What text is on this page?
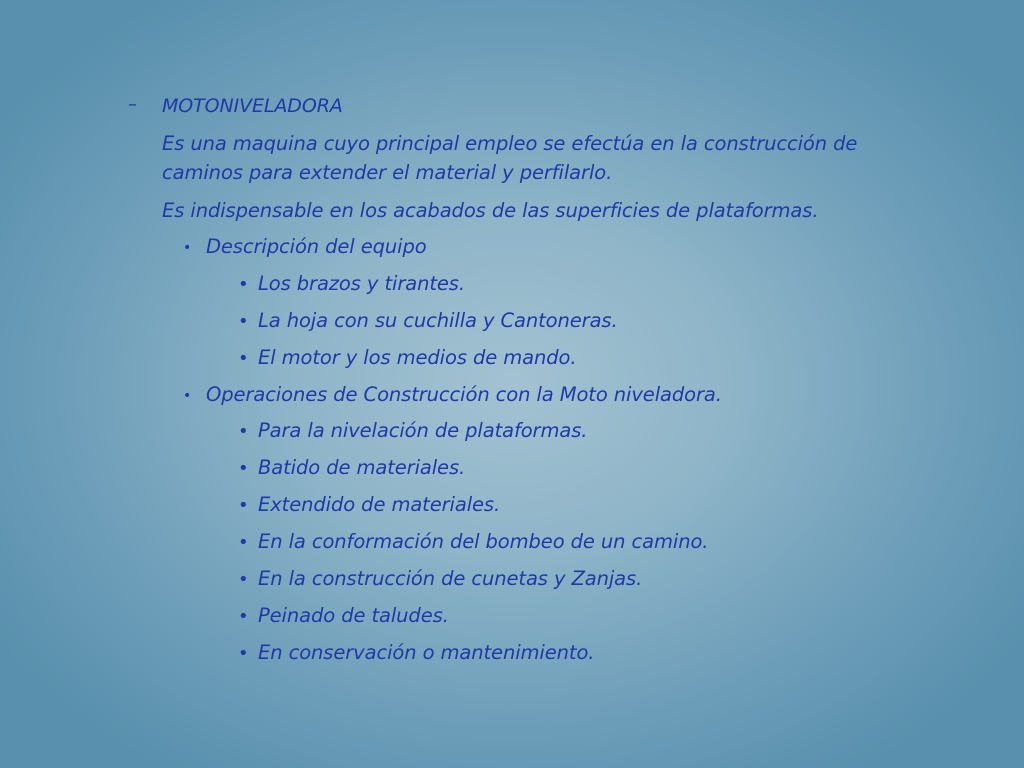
– MOTONIVELADORA
Es una maquina cuyo principal empleo se efectúa en la construcción de
caminos para extender el material y perfilarlo.
Es indispensable en los acabados de las superficies de plataformas.
• Descripción del equipo
• Los brazos y tirantes.
• La hoja con su cuchilla y Cantoneras.
• El motor y los medios de mando.
• Operaciones de Construcción con la Moto niveladora.
• Para la nivelación de plataformas.
• Batido de materiales.
• Extendido de materiales.
• En la conformación del bombeo de un camino.
• En la construcción de cunetas y Zanjas.
• Peinado de taludes.
• En conservación o mantenimiento.
